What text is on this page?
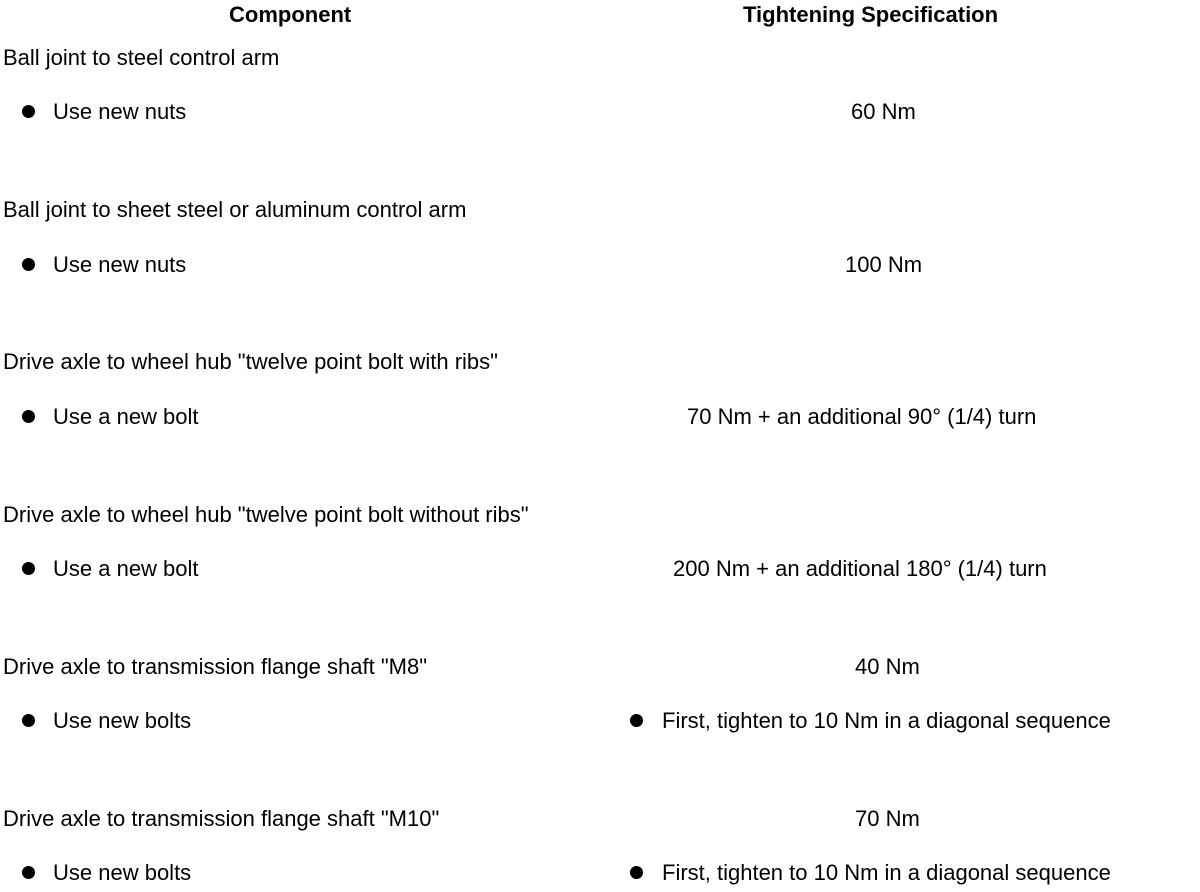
Component	Tightening Specification
Ball joint to steel control arm
Use new nuts	60 Nm
Ball joint to sheet steel or aluminum control arm
Use new nuts	100 Nm
Drive axle to wheel hub "twelve point bolt with ribs"
Use a new bolt	70 Nm + an additional 90° (1/4) turn
Drive axle to wheel hub "twelve point bolt without ribs"
Use a new bolt	200 Nm + an additional 180° (1/4) turn
Drive axle to transmission flange shaft "M8"	40 Nm
Use new bolts	First, tighten to 10 Nm in a diagonal sequence
Drive axle to transmission flange shaft "M10"	70 Nm
Use new bolts	First, tighten to 10 Nm in a diagonal sequence
